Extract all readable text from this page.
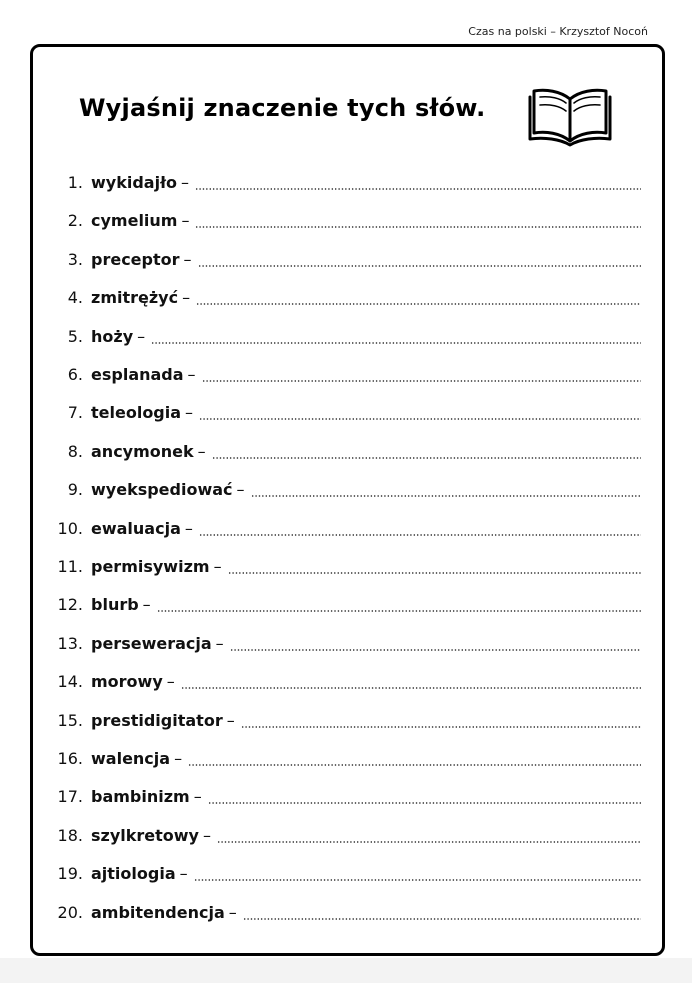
Czas na polski – Krzysztof Nocoń
Wyjaśnij znaczenie tych słów.
1. wykidajło –
2. cymelium –
3. preceptor –
4. zmitrężyć –
5. hoży –
6. esplanada –
7. teleologia –
8. ancymonek –
9. wyekspediować –
10. ewaluacja –
11. permisywizm –
12. blurb –
13. perseweracja –
14. morowy –
15. prestidigitator –
16. walencja –
17. bambinizm –
18. szylkretowy –
19. ajtiologia –
20. ambitendencja –
